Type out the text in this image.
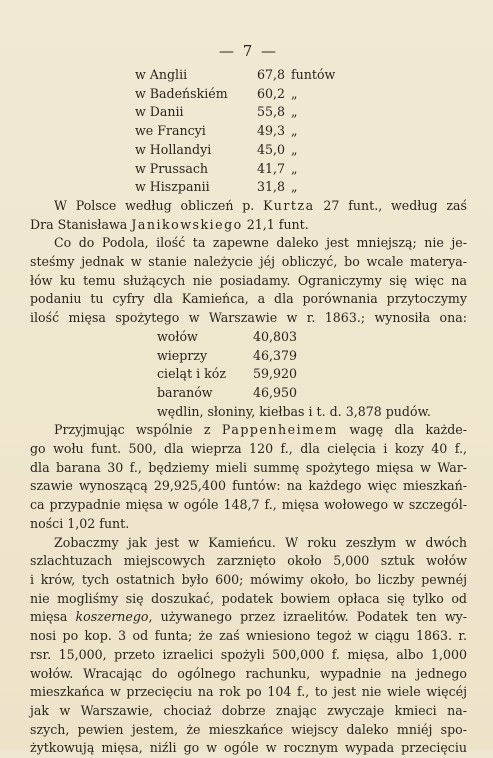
— 7 —
w Anglii	67,8 funtów
w Badeńskiém	60,2 „
w Danii	55,8 „
we Francyi	49,3 „
w Hollandyi	45,0 „
w Prussach	41,7 „
w Hiszpanii	31,8 „
W Polsce według obliczeń p. Kurtza 27 funt., według zaś
Dra Stanisława Janikowskiego 21,1 funt.
Co do Podola, ilość ta zapewne daleko jest mniejszą; nie je-
steśmy jednak w stanie należycie jéj obliczyć, bo wcale materya-
łów ku temu służących nie posiadamy. Ograniczymy się więc na
podaniu tu cyfry dla Kamieńca, a dla porównania przytoczymy
ilość mięsa spożytego w Warszawie w r. 1863.; wynosiła ona:
wołów	40,803
wieprzy	46,379
cieląt i kóz	59,920
baranów	46,950
wędlin, słoniny, kiełbas i t. d. 3,878 pudów.
Przyjmując wspólnie z Pappenheimem wagę dla każde-
go wołu funt. 500, dla wieprza 120 f., dla cielęcia i kozy 40 f.,
dla barana 30 f., będziemy mieli summę spożytego mięsa w War-
szawie wynoszącą 29,925,400 funtów: na każdego więc mieszkań-
ca przypadnie mięsa w ogóle 148,7 f., mięsa wołowego w szczegól-
ności 1,02 funt.
Zobaczmy jak jest w Kamieńcu. W roku zeszłym w dwóch
szlachtuzach miejscowych zarznięto około 5,000 sztuk wołów
i krów, tych ostatnich było 600; mówimy około, bo liczby pewnéj
nie mogliśmy się doszukać, podatek bowiem opłaca się tylko od
mięsa koszernego, używanego przez izraelitów. Podatek ten wy-
nosi po kop. 3 od funta; że zaś wniesiono tegoż w ciągu 1863. r.
rsr. 15,000, przeto izraelici spożyli 500,000 f. mięsa, albo 1,000
wołów. Wracając do ogólnego rachunku, wypadnie na jednego
mieszkańca w przecięciu na rok po 104 f., to jest nie wiele więcéj
jak w Warszawie, chociaż dobrze znając zwyczaje kmieci na-
szych, pewien jestem, że mieszkańce wiejscy daleko mniéj spo-
żytkowują mięsa, niźli go w ogóle w rocznym wypada przecięciu
